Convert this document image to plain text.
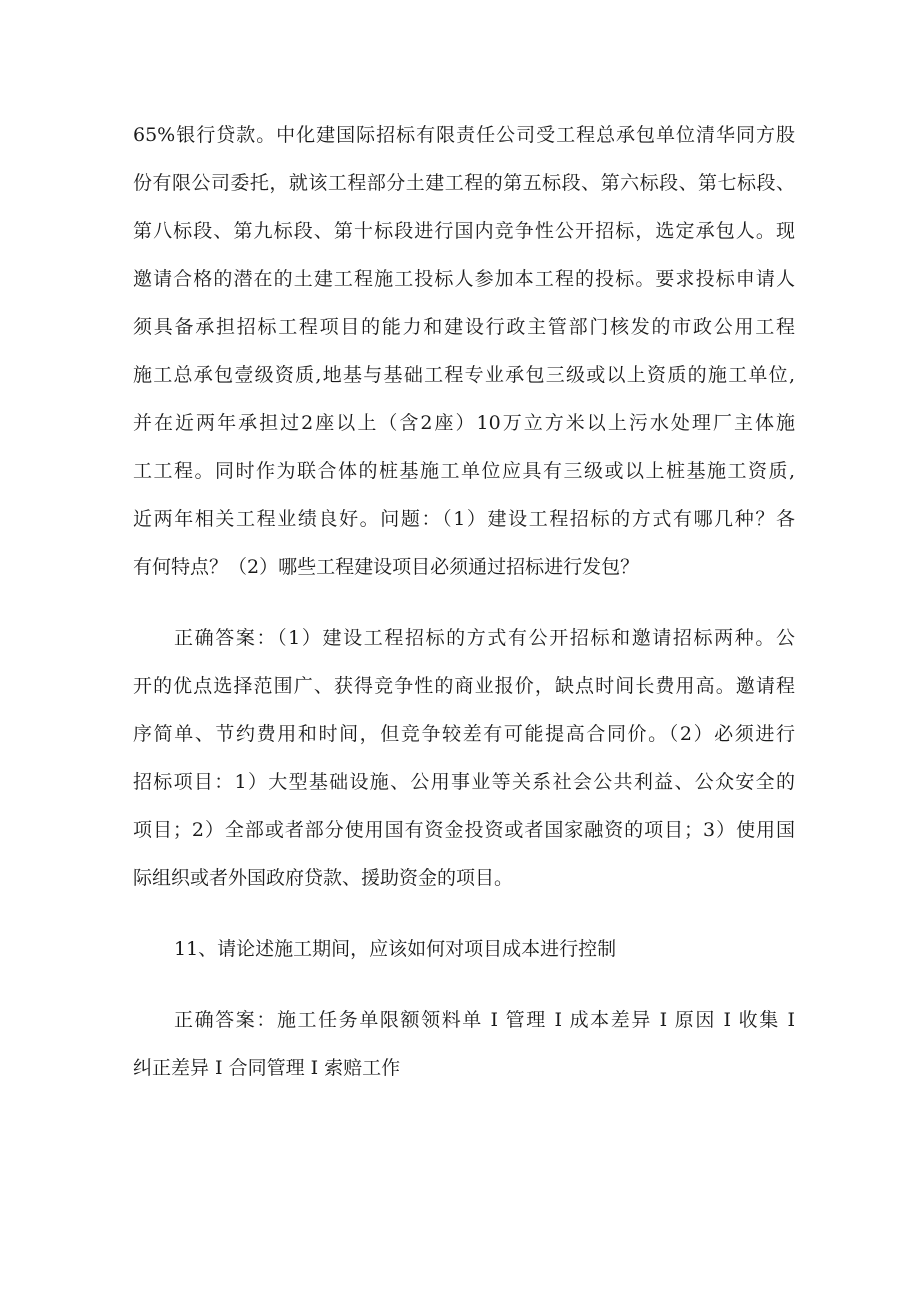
65%银行贷款。中化建国际招标有限责任公司受工程总承包单位清华同方股
份有限公司委托，就该工程部分土建工程的第五标段、第六标段、第七标段、
第八标段、第九标段、第十标段进行国内竞争性公开招标，选定承包人。现
邀请合格的潜在的土建工程施工投标人参加本工程的投标。要求投标申请人
须具备承担招标工程项目的能力和建设行政主管部门核发的市政公用工程
施工总承包壹级资质,地基与基础工程专业承包三级或以上资质的施工单位,
并在近两年承担过2座以上（含2座）10万立方米以上污水处理厂主体施
工工程。同时作为联合体的桩基施工单位应具有三级或以上桩基施工资质,
近两年相关工程业绩良好。问题：（1）建设工程招标的方式有哪几种？各
有何特点？（2）哪些工程建设项目必须通过招标进行发包？
正确答案：（1）建设工程招标的方式有公开招标和邀请招标两种。公
开的优点选择范围广、获得竞争性的商业报价，缺点时间长费用高。邀请程
序简单、节约费用和时间，但竞争较差有可能提高合同价。（2）必须进行
招标项目：1）大型基础设施、公用事业等关系社会公共利益、公众安全的
项目；2）全部或者部分使用国有资金投资或者国家融资的项目；3）使用国
际组织或者外国政府贷款、援助资金的项目。
11、请论述施工期间，应该如何对项目成本进行控制
正确答案：施工任务单限额领料单 I 管理 I 成本差异 I 原因 I 收集 I
纠正差异 I 合同管理 I 索赔工作
